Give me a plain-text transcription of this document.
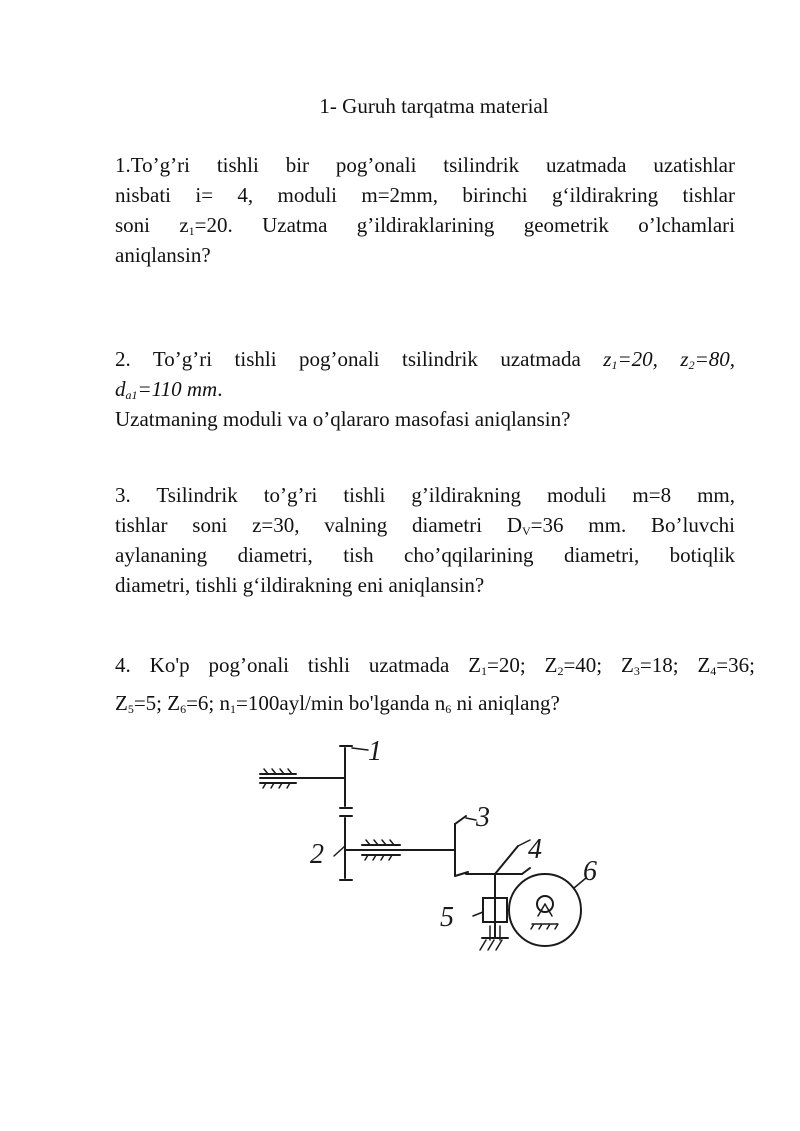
1- Guruh tarqatma material
1.To’g’ri tishli bir pog’onali tsilindrik uzatmada uzatishlar
nisbati i= 4, moduli m=2mm, birinchi g‘ildirakring tishlar
soni $z_1=20$. Uzatma g’ildiraklarining geometrik o’lchamlari
aniqlansin?
2. To’g’ri tishli pog’onali tsilindrik uzatmada $z_1=20$, $z_2=80$,
$d_{a1}=110$ mm.
Uzatmaning moduli va o’qlararo masofasi aniqlansin?
3. Tsilindrik to’g’ri tishli g’ildirakning moduli m=8 mm,
tishlar soni z=30, valning diametri $D_V=36$ mm. Bo’luvchi
aylananing diametri, tish cho’qqilarining diametri, botiqlik
diametri, tishli g‘ildirakning eni aniqlansin?
4. Ko'p pog’onali tishli uzatmada $Z_1=20$; $Z_2=40$; $Z_3=18$; $Z_4=36$;
$Z_5=5$; $Z_6=6$; $n_1=100ayl/\min$ bo'lganda $n_6$ ni aniqlang?
1
2
3
4
5
6
